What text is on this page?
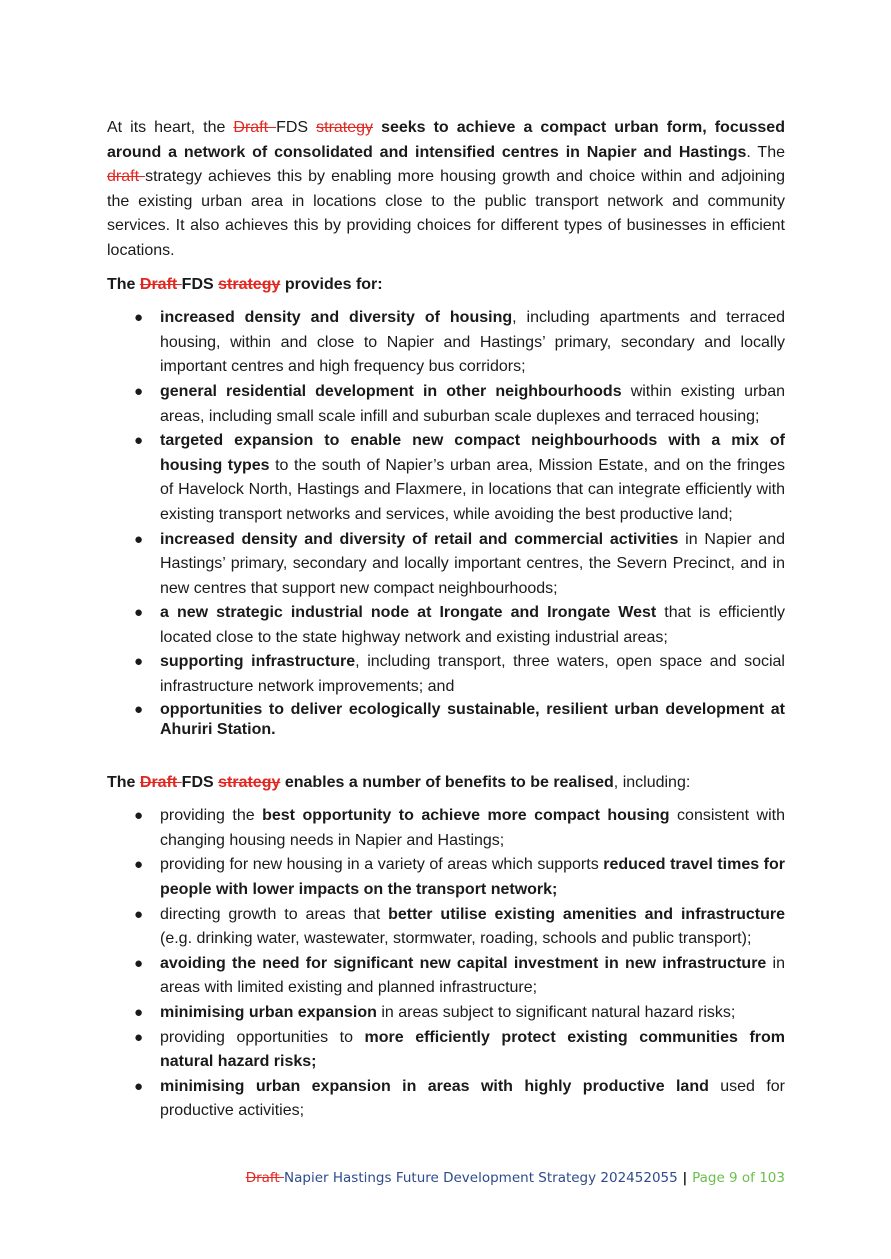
At its heart, the Draft FDS strategy seeks to achieve a compact urban form, focussed around a network of consolidated and intensified centres in Napier and Hastings. The draft strategy achieves this by enabling more housing growth and choice within and adjoining the existing urban area in locations close to the public transport network and community services. It also achieves this by providing choices for different types of businesses in efficient locations.

The Draft FDS strategy provides for:

● increased density and diversity of housing, including apartments and terraced housing, within and close to Napier and Hastings’ primary, secondary and locally important centres and high frequency bus corridors;
● general residential development in other neighbourhoods within existing urban areas, including small scale infill and suburban scale duplexes and terraced housing;
● targeted expansion to enable new compact neighbourhoods with a mix of housing types to the south of Napier’s urban area, Mission Estate, and on the fringes of Havelock North, Hastings and Flaxmere, in locations that can integrate efficiently with existing transport networks and services, while avoiding the best productive land;
● increased density and diversity of retail and commercial activities in Napier and Hastings’ primary, secondary and locally important centres, the Severn Precinct, and in new centres that support new compact neighbourhoods;
● a new strategic industrial node at Irongate and Irongate West that is efficiently located close to the state highway network and existing industrial areas;
● supporting infrastructure, including transport, three waters, open space and social infrastructure network improvements; and
● opportunities to deliver ecologically sustainable, resilient urban development at Ahuriri Station.

The Draft FDS strategy enables a number of benefits to be realised, including:

● providing the best opportunity to achieve more compact housing consistent with changing housing needs in Napier and Hastings;
● providing for new housing in a variety of areas which supports reduced travel times for people with lower impacts on the transport network;
● directing growth to areas that better utilise existing amenities and infrastructure (e.g. drinking water, wastewater, stormwater, roading, schools and public transport);
● avoiding the need for significant new capital investment in new infrastructure in areas with limited existing and planned infrastructure;
● minimising urban expansion in areas subject to significant natural hazard risks;
● providing opportunities to more efficiently protect existing communities from natural hazard risks;
● minimising urban expansion in areas with highly productive land used for productive activities;
Draft Napier Hastings Future Development Strategy 202452055 | Page 9 of 103
